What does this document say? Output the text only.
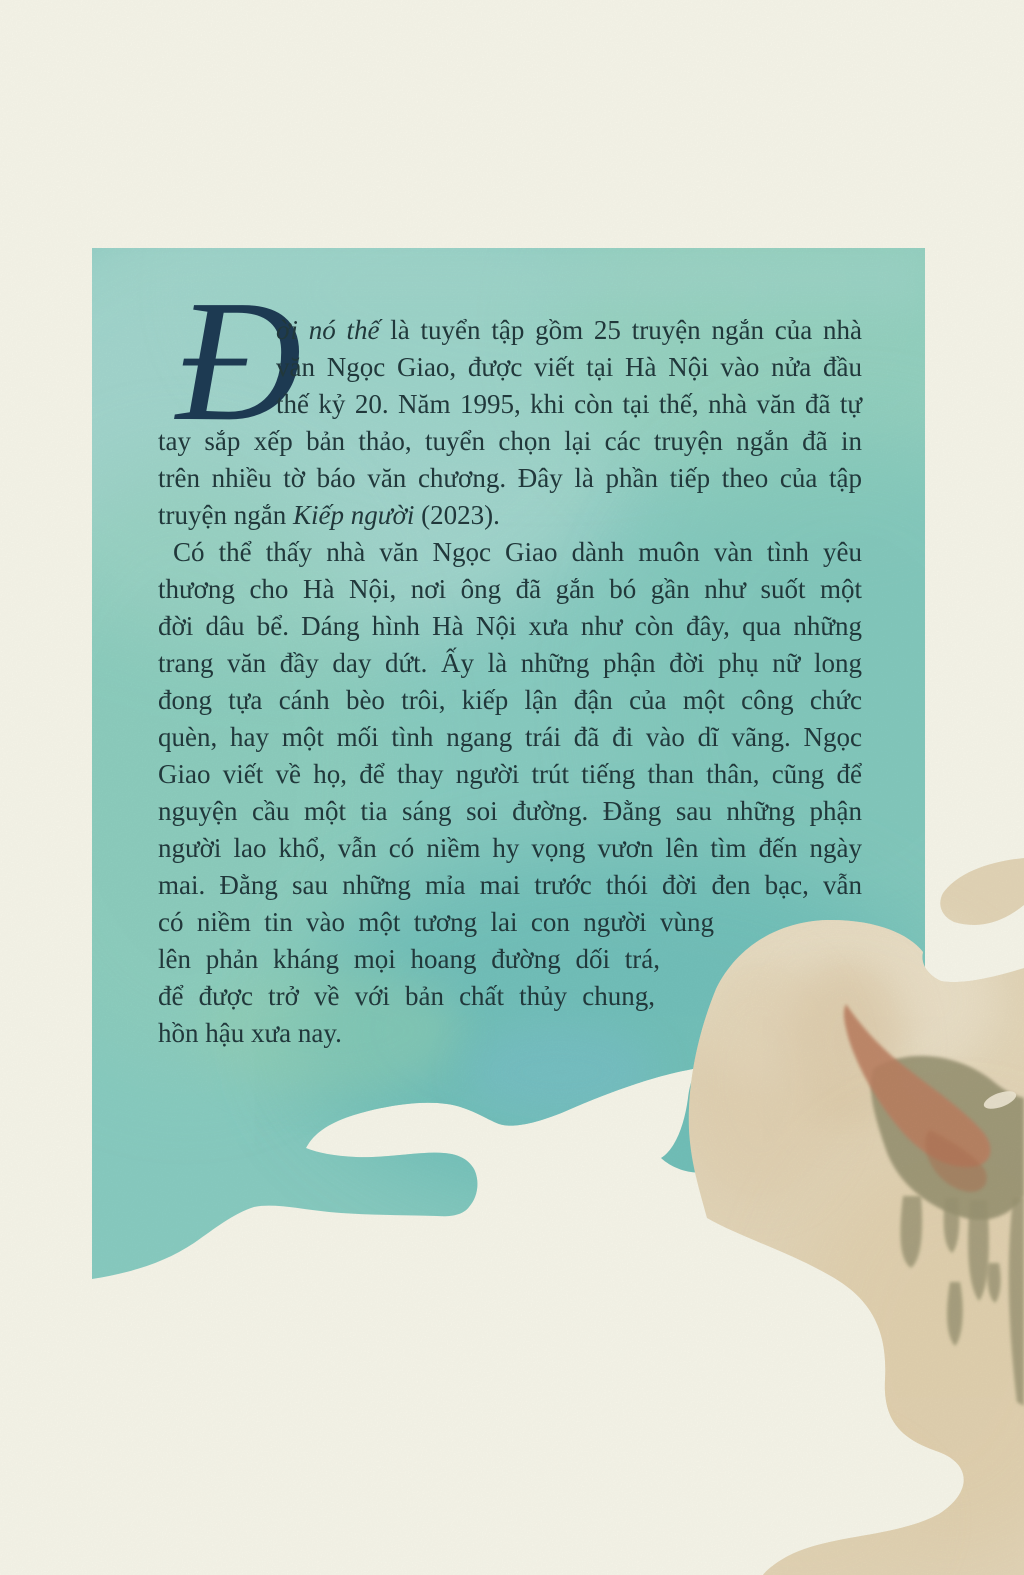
Đ
ời nó thế là tuyển tập gồm 25 truyện ngắn của nhà
văn Ngọc Giao, được viết tại Hà Nội vào nửa đầu
thế kỷ 20. Năm 1995, khi còn tại thế, nhà văn đã tự
tay sắp xếp bản thảo, tuyển chọn lại các truyện ngắn đã in
trên nhiều tờ báo văn chương. Đây là phần tiếp theo của tập
truyện ngắn Kiếp người (2023).
Có thể thấy nhà văn Ngọc Giao dành muôn vàn tình yêu
thương cho Hà Nội, nơi ông đã gắn bó gần như suốt một
đời dâu bể. Dáng hình Hà Nội xưa như còn đây, qua những
trang văn đầy day dứt. Ấy là những phận đời phụ nữ long
đong tựa cánh bèo trôi, kiếp lận đận của một công chức
quèn, hay một mối tình ngang trái đã đi vào dĩ vãng. Ngọc
Giao viết về họ, để thay người trút tiếng than thân, cũng để
nguyện cầu một tia sáng soi đường. Đằng sau những phận
người lao khổ, vẫn có niềm hy vọng vươn lên tìm đến ngày
mai. Đằng sau những mỉa mai trước thói đời đen bạc, vẫn
có niềm tin vào một tương lai con người vùng
lên phản kháng mọi hoang đường dối trá,
để được trở về với bản chất thủy chung,
hồn hậu xưa nay.
